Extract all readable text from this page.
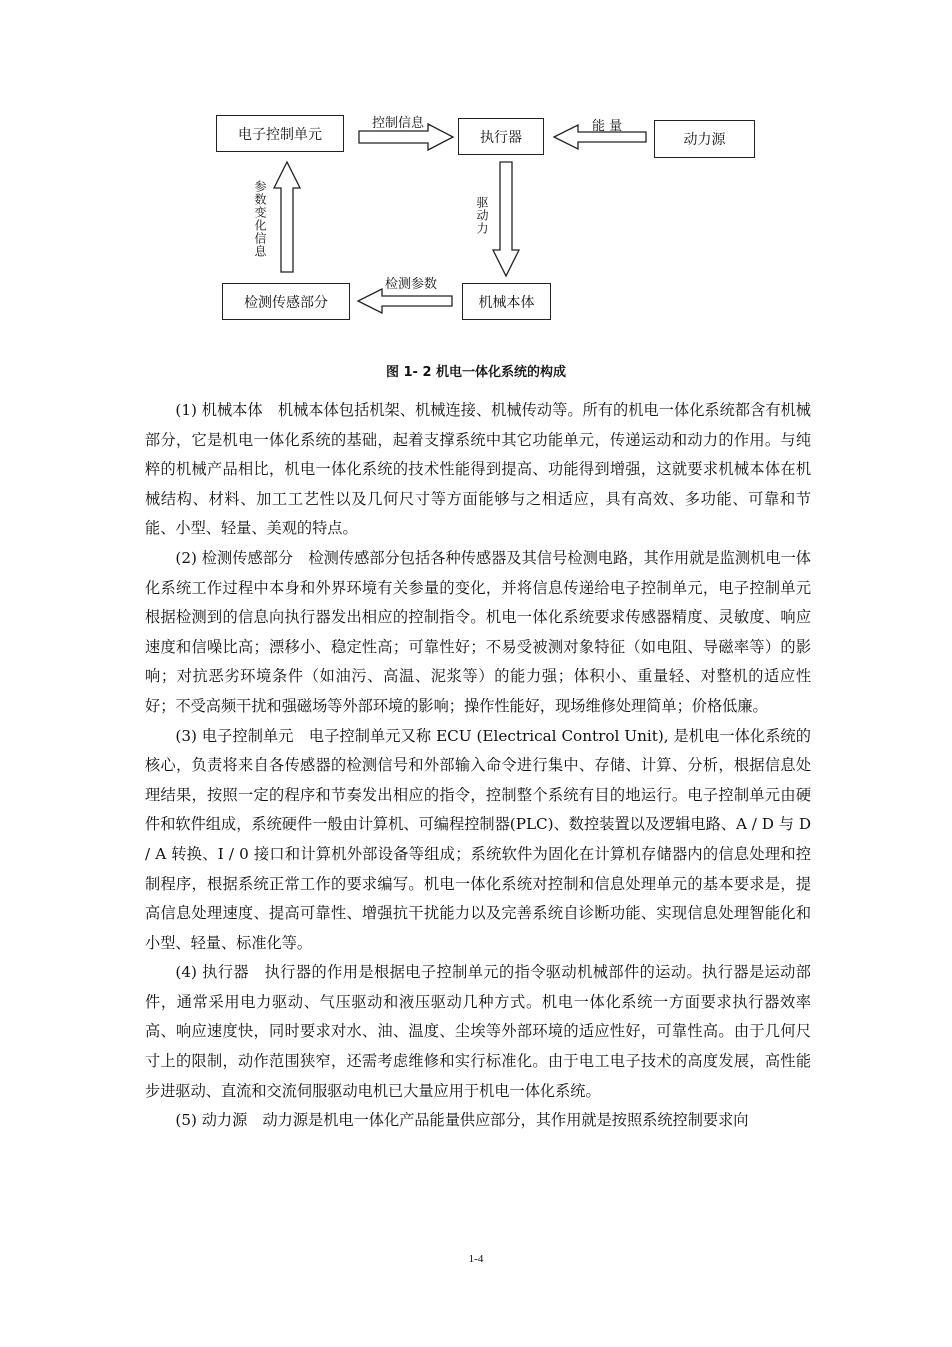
电子控制单元	执行器	动力源
检测传感部分	机械本体
控制信息	能 量
驱动力
检测参数
参数变化信息
图 1- 2 机电一体化系统的构成

(1) 机械本体　机械本体包括机架、机械连接、机械传动等。所有的机电一体化系统都含有机械部分，它是机电一体化系统的基础，起着支撑系统中其它功能单元，传递运动和动力的作用。与纯粹的机械产品相比，机电一体化系统的技术性能得到提高、功能得到增强，这就要求机械本体在机械结构、材料、加工工艺性以及几何尺寸等方面能够与之相适应，具有高效、多功能、可靠和节能、小型、轻量、美观的特点。

(2) 检测传感部分　检测传感部分包括各种传感器及其信号检测电路，其作用就是监测机电一体化系统工作过程中本身和外界环境有关参量的变化，并将信息传递给电子控制单元，电子控制单元根据检测到的信息向执行器发出相应的控制指令。机电一体化系统要求传感器精度、灵敏度、响应速度和信噪比高；漂移小、稳定性高；可靠性好；不易受被测对象特征（如电阻、导磁率等）的影响；对抗恶劣环境条件（如油污、高温、泥浆等）的能力强；体积小、重量轻、对整机的适应性好；不受高频干扰和强磁场等外部环境的影响；操作性能好，现场维修处理简单；价格低廉。

(3) 电子控制单元　电子控制单元又称 ECU (Electrical Control Unit), 是机电一体化系统的核心，负责将来自各传感器的检测信号和外部输入命令进行集中、存储、计算、分析，根据信息处理结果，按照一定的程序和节奏发出相应的指令，控制整个系统有目的地运行。电子控制单元由硬件和软件组成，系统硬件一般由计算机、可编程控制器(PLC)、数控装置以及逻辑电路、A / D 与 D / A 转换、I / 0 接口和计算机外部设备等组成；系统软件为固化在计算机存储器内的信息处理和控制程序，根据系统正常工作的要求编写。机电一体化系统对控制和信息处理单元的基本要求是，提高信息处理速度、提高可靠性、增强抗干扰能力以及完善系统自诊断功能、实现信息处理智能化和小型、轻量、标准化等。

(4) 执行器　执行器的作用是根据电子控制单元的指令驱动机械部件的运动。执行器是运动部件，通常采用电力驱动、气压驱动和液压驱动几种方式。机电一体化系统一方面要求执行器效率高、响应速度快，同时要求对水、油、温度、尘埃等外部环境的适应性好，可靠性高。由于几何尺寸上的限制，动作范围狭窄，还需考虑维修和实行标准化。由于电工电子技术的高度发展，高性能步进驱动、直流和交流伺服驱动电机已大量应用于机电一体化系统。

(5) 动力源　动力源是机电一体化产品能量供应部分，其作用就是按照系统控制要求向

1-4
